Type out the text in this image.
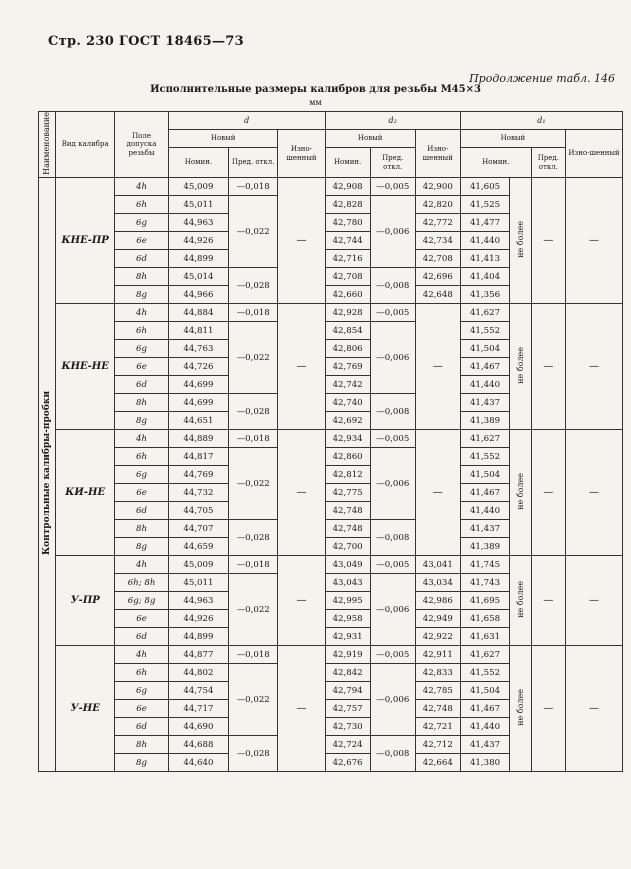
Стр. 230 ГОСТ 18465—73
Продолжение табл. 146
Исполнительные размеры калибров для резьбы М45×3
мм
Наименование	Вид калибра	Поле допуска резьбы	d			d₂			d₁			
			Новый		Изно-шенный	Новый		Изно-шенный	Новый			Изно-шенный
			Номин.	Пред. откл.		Номин.	Пред. откл.		Номин.		Пред. откл.	
Контрольные калибры-пробки	КНЕ-ПР	4h	45,009	—0,018	—	42,908	—0,005	42,900	41,605	не более	—	—
		6h	45,011	—0,022		42,828	—0,006	42,820	41,525			
		6g	44,963			42,780		42,772	41,477			
		6e	44,926			42,744		42,734	41,440			
		6d	44,899			42,716		42,708	41,413			
		8h	45,014	—0,028		42,708	—0,008	42,696	41,404			
		8g	44,966			42,660		42,648	41,356			
	КНЕ-НЕ	4h	44,884	—0,018	—	42,928	—0,005	—	41,627	не более	—	—
		6h	44,811	—0,022		42,854	—0,006		41,552			
		6g	44,763			42,806			41,504			
		6e	44,726			42,769			41,467			
		6d	44,699			42,742			41,440			
		8h	44,699	—0,028		42,740	—0,008		41,437			
		8g	44,651			42,692			41,389			
	КИ-НЕ	4h	44,889	—0,018	—	42,934	—0,005	—	41,627	не более	—	—
		6h	44,817	—0,022		42,860	—0,006		41,552			
		6g	44,769			42,812			41,504			
		6e	44,732			42,775			41,467			
		6d	44,705			42,748			41,440			
		8h	44,707	—0,028		42,748	—0,008		41,437			
		8g	44,659			42,700			41,389			
	У-ПР	4h	45,009	—0,018	—	43,049	—0,005	43,041	41,745	не более	—	—
		6h; 8h	45,011	—0,022		43,043	—0,006	43,034	41,743			
		6g; 8g	44,963			42,995		42,986	41,695			
		6e	44,926			42,958		42,949	41,658			
		6d	44,899			42,931		42,922	41,631			
	У-НЕ	4h	44,877	—0,018	—	42,919	—0,005	42,911	41,627	не более	—	—
		6h	44,802	—0,022		42,842	—0,006	42,833	41,552			
		6g	44,754			42,794		42,785	41,504			
		6e	44,717			42,757		42,748	41,467			
		6d	44,690			42,730		42,721	41,440			
		8h	44,688	—0,028		42,724	—0,008	42,712	41,437			
		8g	44,640			42,676		42,664	41,380			
